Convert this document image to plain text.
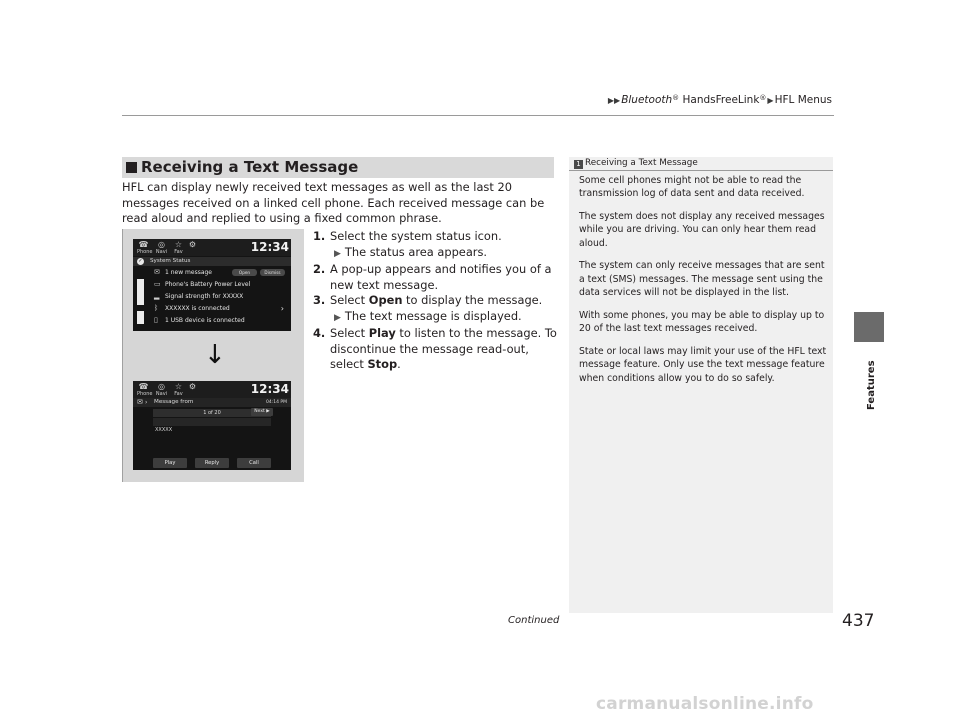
▶▶Bluetooth® HandsFreeLink®▶HFL Menus
Features
Receiving a Text Message
HFL can display newly received text messages as well as the last 20 messages received on a linked cell phone. Each received message can be read aloud and replied to using a fixed common phrase.
☎
Phone
◎
Navi
☆
Fav
⚙	12:34
✓ System Status
✉ 1 new message	Open	Dismiss
▭ Phone's Battery Power Level
▂ Signal strength for XXXXX
ᛒ	XXXXXX is connected	›
▯	1 USB device is connected
↓
☎
Phone
◎
Navi
☆
Fav
⚙	12:34
✉ › Message from	04:14 PM
1 of 20	Next ▶
XXXXX
Play	Reply	Call
1. Select the system status icon.
▶ The status area appears.
2. A pop-up appears and notifies you of a new text message.
3. Select Open to display the message.
▶ The text message is displayed.
4. Select Play to listen to the message. To discontinue the message read-out, select Stop.
1 Receiving a Text Message

Some cell phones might not be able to read the transmission log of data sent and data received.

The system does not display any received messages while you are driving. You can only hear them read aloud.

The system can only receive messages that are sent a text (SMS) messages. The message sent using the data services will not be displayed in the list.

With some phones, you may be able to display up to 20 of the last text messages received.

State or local laws may limit your use of the HFL text message feature. Only use the text message feature when conditions allow you to do so safely.

Continued	437
carmanualsonline.info
